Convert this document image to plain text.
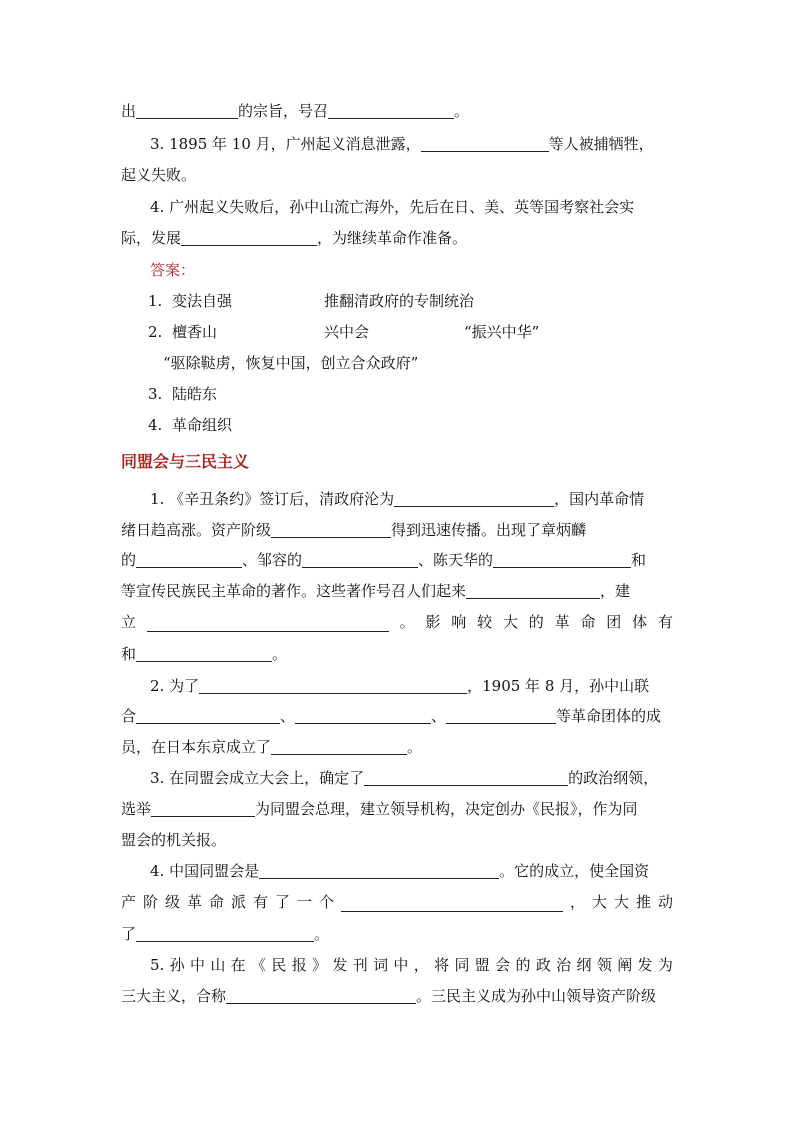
出	的宗旨，号召	。
3. 1895 年 10 月，广州起义消息泄露，	等人被捕牺牲，
起义失败。
4. 广州起义失败后，孙中山流亡海外，先后在日、美、英等国考察社会实
际，发展	，为继续革命作准备。
答案：
1. 变法自强	推翻清政府的专制统治
2. 檀香山	兴中会	“振兴中华”
“驱除鞑虏，恢复中国，创立合众政府”
3. 陆皓东
4. 革命组织
同盟会与三民主义
1. 《辛丑条约》签订后，清政府沦为	，国内革命情
绪日趋高涨。资产阶级	得到迅速传播。出现了章炳麟
的	、邹容的	、陈天华的	和
等宣传民族民主革命的著作。这些著作号召人们起来	，建
立	。 影 响 较 大 的 革 命 团 体 有
和	。
2. 为了	，1905 年 8 月，孙中山联
合	、	、	等革命团体的成
员，在日本东京成立了	。
3. 在同盟会成立大会上，确定了	的政治纲领，
选举	为同盟会总理，建立领导机构，决定创办《民报》，作为同
盟会的机关报。
4. 中国同盟会是	。它的成立，使全国资
产 阶 级 革 命 派 有 了 一 个	， 大 大 推 动
了	。
5. 孙 中 山 在 《 民 报 》 发 刊 词 中 ， 将 同 盟 会 的 政 治 纲 领 阐 发 为
三大主义，合称	。三民主义成为孙中山领导资产阶级
